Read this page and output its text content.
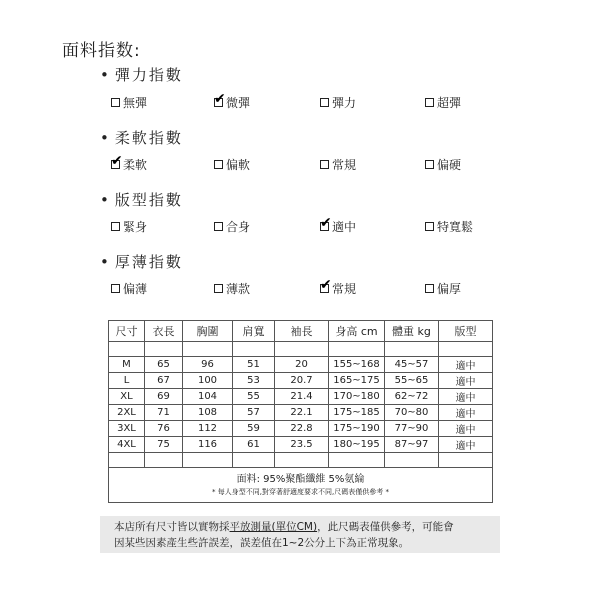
面料指数:
• 彈力指數
無彈	✔ 微彈	彈力	超彈
• 柔軟指數
✔ 柔軟	偏軟	常規	偏硬
• 版型指數
緊身	合身	✔ 適中	特寬鬆
• 厚薄指數
偏薄	薄款	✔ 常規	偏厚
尺寸	衣長	胸圍	肩寬	袖長	身高 cm	體重 kg	版型

M	65	96	51	20	155~168	45~57	適中
L	67	100	53	20.7	165~175	55~65	適中
XL	69	104	55	21.4	170~180	62~72	適中
2XL	71	108	57	22.1	175~185	70~80	適中
3XL	76	112	59	22.8	175~190	77~90	適中
4XL	75	116	61	23.5	180~195	87~97	適中

面料: 95%聚酯纖維 5%氨綸							
* 每人身型不同,對穿著舒適度要求不同,尺碼表僅供參考 *							
本店所有尺寸皆以實物採平放測量(單位CM)，此尺碼表僅供參考，可能會
因某些因素產生些許誤差，誤差值在1~2公分上下為正常現象。
